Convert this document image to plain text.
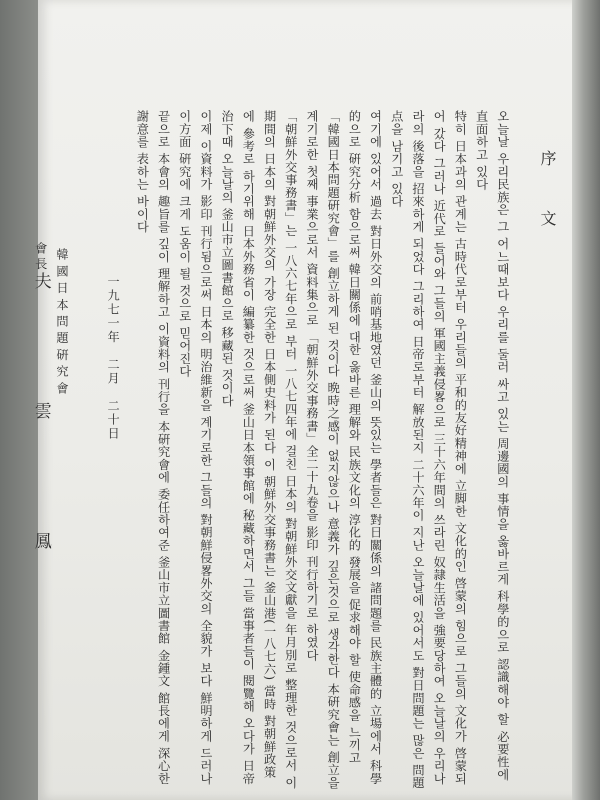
序　文

오늘날 우리民族은 그 어느때보다 우리를 둘러 싸고 있는 周邊國의 事情을 옳바르게 科學的으로 認識해야 할 必要性에 直面하고 있다

特히 日本과의 관계는 古時代로부터 우리들의 平和的友好精神에 立脚한 文化的인 啓蒙의 힘으로 그들의 文化가 啓蒙되어 갔다 그러나 近代로 들어와 그들의 軍國主義侵畧으로 三十六年間의 쓰라린 奴隷生活을 強要당하여 오늘날의 우리나라의 後落을 招來하게 되었다 그리하여 日帝로부터 解放된지 二十六年이 지난 오늘날에 있어서도 對日問題는 많은 問題点을 남기고 있다

여기에 있어서 過去 對日外交의 前哨基地였던 釜山의 뜻있는 學者들은 對日關係의 諸問題를 民族主體的 立場에서 科學的으로 硏究分析 함으로써 韓日關係에 대한 옳바른 理解와 民族文化의 淳化的 發展을 促求해야 할 使命感을 느끼고 「韓國日本問題硏究會」를 創立하게 된 것이다 晩時之感이 없지않으나 意義가 깊은것으로 생각한다 本硏究會는 創立을 계기로한 첫째 事業으로서 資料集으로 「朝鮮外交事務書」全二十九卷을 影印 刊行하기로 하였다

「朝鮮外交事務書」는 一八六七年으로 부터 一八七四年에 걸친 日本의 對朝鮮外交文獻을 年月別로 整理한 것으로서 이 期間의 日本의 對朝鮮外交의 가장 完全한 日本側史料가 된다 이 朝鮮外交事務書는 釜山港(一八七六) 當時 對朝鮮政策에 參考로 하기위해 日本外務省이 編纂한 것으로써 釜山日本領事館에 秘藏하면서 그들 當事者들이 閱覽해 오다가 日帝治下때 오늘날의 釜山市立圖書館으로 移藏된 것이다

이제 이資料가 影印 刊行됨으로써 日本의 明治維新을 계기로한 그들의 對朝鮮侵畧外交의 全貌가 보다 鮮明하게 드러나 이方面 硏究에 크게 도움이 될 것으로 믿어진다

끝으로 本會의 趣旨를 깊이 理解하고 이資料의 刊行을 本硏究會에 委任하여준 釜山市立圖書館 金鍾文 館長에게 深心한 謝意를 表하는 바이다

一九七一年　二月　二十日
韓國日本問題硏究會
會長夫　雲　鳳
